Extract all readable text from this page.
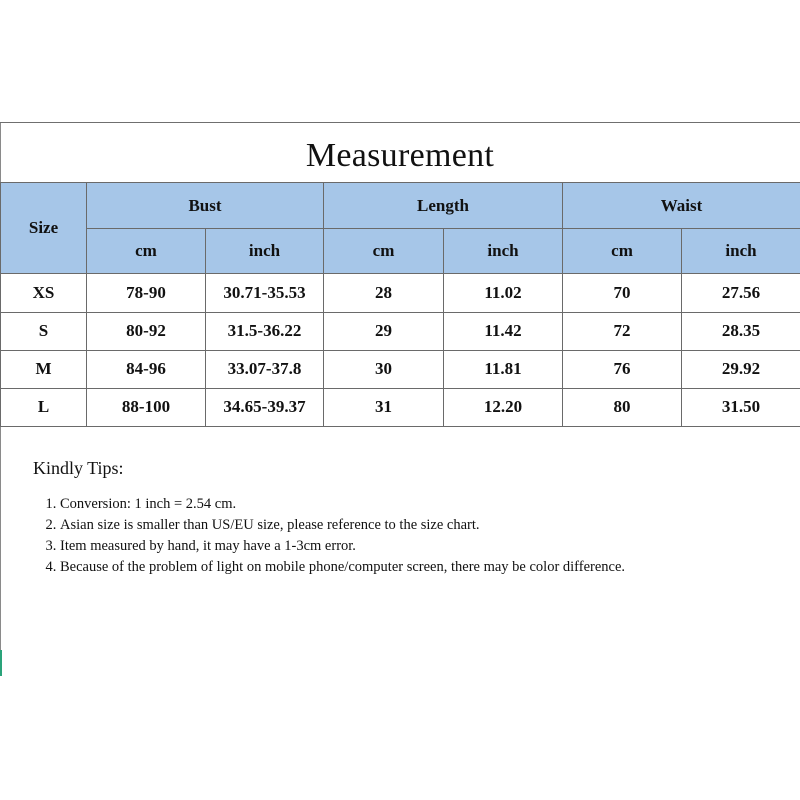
Measurement
Size	Bust		Length		Waist	
	cm	inch	cm	inch	cm	inch
XS	78-90	30.71-35.53	28	11.02	70	27.56
S	80-92	31.5-36.22	29	11.42	72	28.35
M	84-96	33.07-37.8	30	11.81	76	29.92
L	88-100	34.65-39.37	31	12.20	80	31.50
Kindly Tips:
1. Conversion: 1 inch = 2.54 cm.
2. Asian size is smaller than US/EU size, please reference to the size chart.
3. Item measured by hand, it may have a 1-3cm error.
4. Because of the problem of light on mobile phone/computer screen, there may be color difference.
